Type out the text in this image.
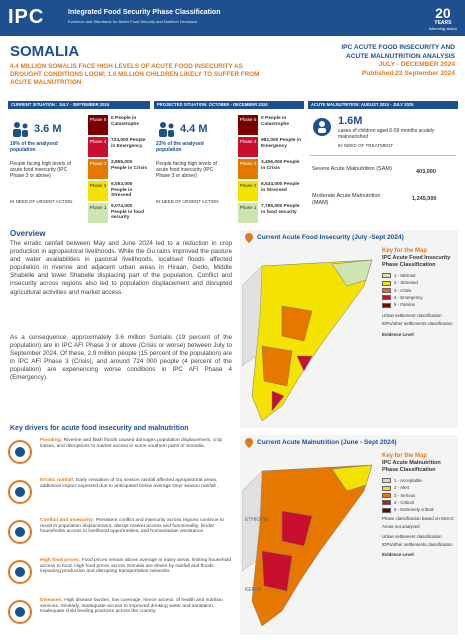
IPC	Integrated Food Security Phase Classification
Evidence and Standards for Better Food Security and Nutrition Decisions
20
YEARS
informing action
SOMALIA
4.4 MILLION SOMALIS FACE HIGH LEVELS OF ACUTE FOOD INSECURITY AS DROUGHT CONDITIONS LOOM; 1.6 MILLION CHILDREN LIKELY TO SUFFER FROM ACUTE MALNUTRITION
IPC ACUTE FOOD INSECURITY AND
ACUTE MALNUTRITION ANALYSIS
JULY - DECEMBER 2024
Published 23 September 2024
CURRENT SITUATION : JULY - SEPTEMBER 2024
3.6 M
19% of the analysed population
People facing high levels of acute food insecurity (IPC Phase 3 or above)
IN NEED OF URGENT ACTION
Phase 5 0 People in Catastrophe
Phase 4 724,000 People in Emergency
Phase 3 2,855,000 People in Crisis
Phase 2 6,053,000 People in Stressed
Phase 1 9,074,000 People in food security
PROJECTED SITUATION: OCTOBER - DECEMBER 2024
4.4 M
23% of the analysed population
People facing high levels of acute food insecurity (IPC Phase 3 or above)
IN NEED OF URGENT ACTION
Phase 5 0 People in Catastrophe
Phase 4 982,000 People in Emergency
Phase 3 3,406,000 People in Crisis
Phase 2 6,534,000 People in Stressed
Phase 1 7,785,000 People in food security
ACUTE MALNUTRITION: AUGUST 2024 - JULY 2025
1.6M
cases of children aged 6-59 months acutely malnourished
IN NEED OF TREATMENT
Severe Acute Malnutrition (SAM)	403,000
Moderate Acute Malnutrition (MAM)
1,245,000
Overview
The erratic rainfall between May and June 2024 led to a reduction in crop production in agropastoral livelihoods. While the Gu rains improved the pasture and water availabilities in pastoral livelihoods, localised floods affected population in riverine and adjacent urban areas in Hiraan, Gedo, Middle Shabelle and lower Shabelle displacing part of the population. Conflict and insecurity across regions also led to population displacement and disrupted agricultural activities and market access.
As a consequence, approximately 3.6 million Somalis (19 percent of the population) are in IPC AFI Phase 3 or above (Crisis or worse) between July to September 2024. Of these, 2.9 million people (15 percent of the population) are in IPC AFI Phase 3 (Crisis), and around 724 000 people (4 percent of the population) are experiencing worse conditions in IPC AFI Phase 4 (Emergency).
Key drivers for acute food insecurity and malnutrition
Flooding: Riverine and flash floods caused damages population displacement, crop losses, and disruptions to market access in some southern parts of Somalia.
Erratic rainfall: Early cessation of Gu season rainfall affected agropastoral areas, additional impact expected due to anticipated below average Deyr season rainfall .
Conflict and insecurity: Persistent conflict and insecurity across regions continue to result in population displacement, disrupt market access and functionality, hinder households access to livelihood opportunities, and humanitarian assistance.
High food prices: Food prices remain above average in many areas, limiting household access to food. High food prices across Somalia are driven by rainfall and floods impacting production and disrupting transportation networks.
Diseases: High disease burden, low coverage, hence access, of health and nutrition services. Similarly, inadequate access to improved drinking water and sanitation. Inadequate child feeding practices across the country.
Current Acute Food Insecurity (July -Sept 2024)
Key for the Map
IPC Acute Food Insecurity Phase Classification
1 - Minimal
2 - Stressed
3 - Crisis
4 - Emergency
5 - Famine
Urban settlement classification
IDPs/other settlements classification
Evidence Level
Current Acute Malnutrition (June - Sept 2024)
ETHIOPIA
KENYA
Key for the Map
IPC Acute Malnutrition Phase Classification
1 - Acceptable
2 - Alert
3 - Serious
4 - Critical
5 - Extremely critical
Phase classification based on MUAC
Areas not analysed
Urban settlement classification
IDPs/other settlements classification
Evidence Level
